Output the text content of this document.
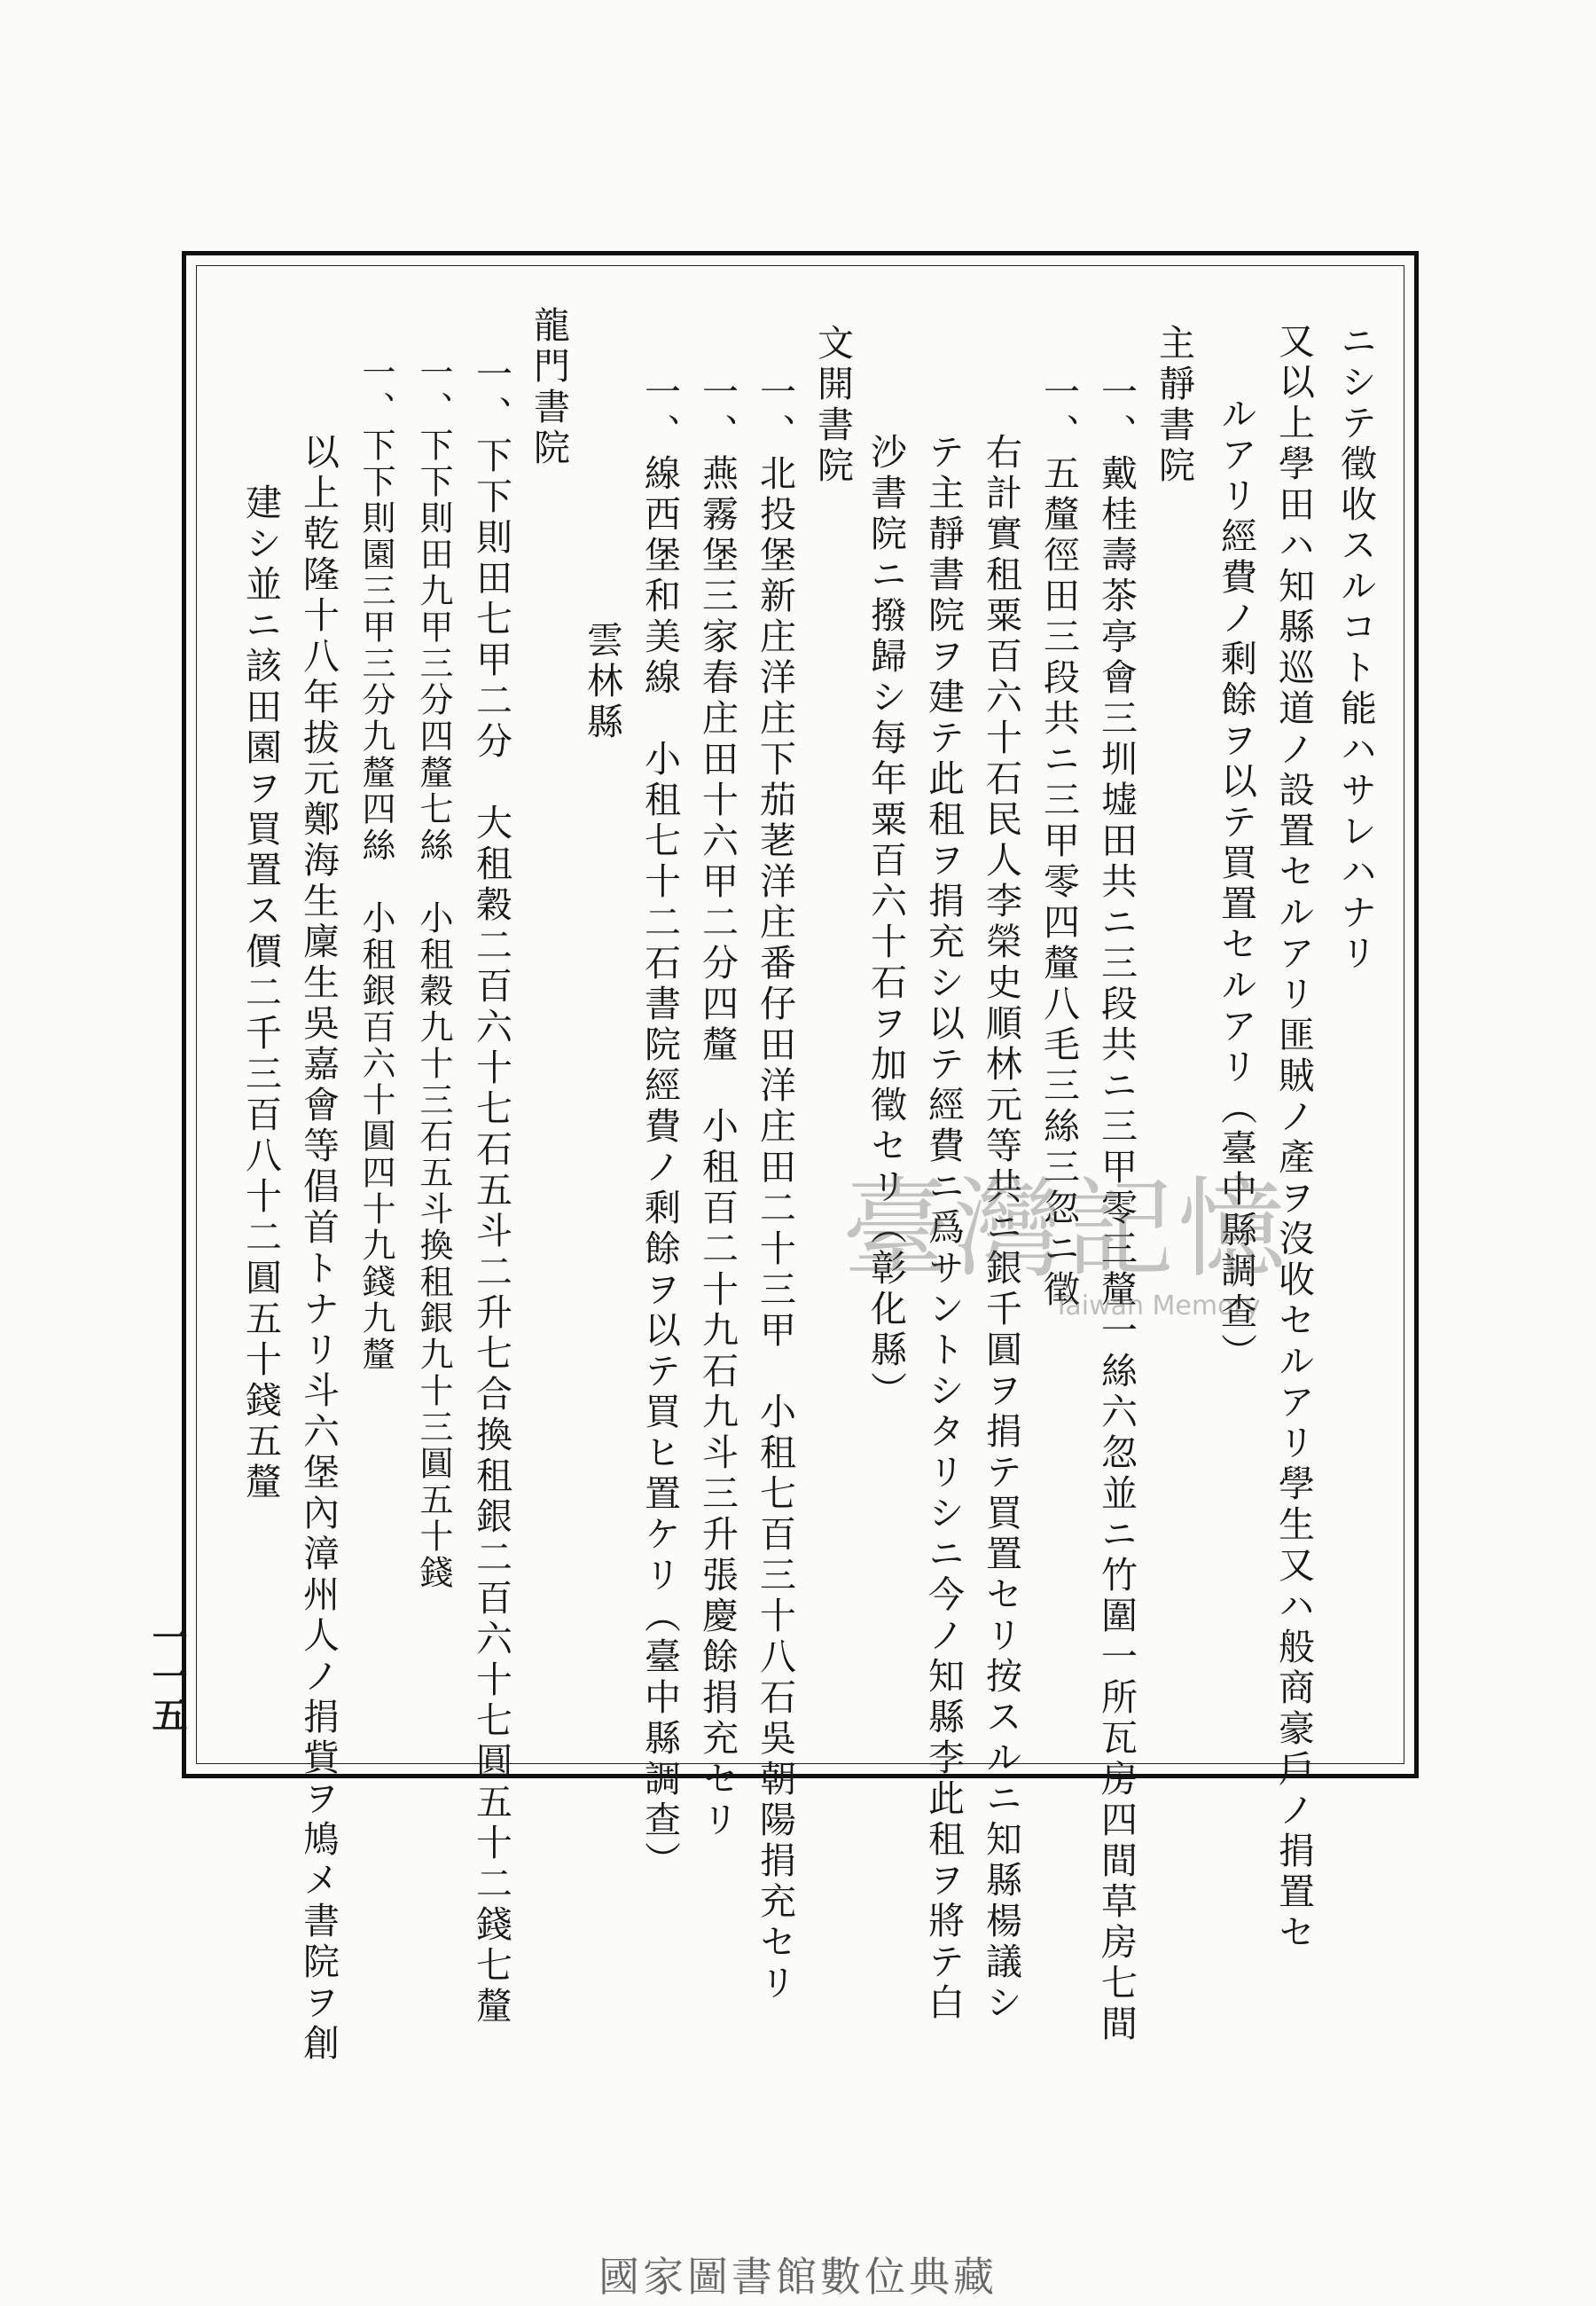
ニシテ徵收スルコト能ハサレハナリ
又以上學田ハ知縣巡道ノ設置セルアリ匪賊ノ產ヲ沒收セルアリ學生又ハ般商豪戶ノ捐置セ
ルアリ經費ノ剩餘ヲ以テ買置セルアリ（臺中縣調查）
主靜書院
一、戴桂壽茶亭會三圳墟田共ニ三段共ニ三甲零三釐一絲六忽並ニ竹圍一所瓦房四間草房七間
一、五釐徑田三段共ニ三甲零四釐八毛三絲三忽ニ徵
右計實租粟百六十石民人李榮史順林元等共ニ銀千圓ヲ捐テ買置セリ按スルニ知縣楊議シ
テ主靜書院ヲ建テ此租ヲ捐充シ以テ經費ニ爲サントシタリシニ今ノ知縣李此租ヲ將テ白
沙書院ニ撥歸シ每年粟百六十石ヲ加徵セリ（彰化縣）
文開書院
一、北投堡新庄洋庄下茄荖洋庄番仔田洋庄田二十三甲　小租七百三十八石吳朝陽捐充セリ
一、燕霧堡三家春庄田十六甲二分四釐　小租百二十九石九斗三升張慶餘捐充セリ
一、線西堡和美線　小租七十二石書院經費ノ剩餘ヲ以テ買ヒ置ケリ（臺中縣調查）
雲林縣
龍門書院
一、下下則田七甲二分　大租穀二百六十七石五斗二升七合換租銀二百六十七圓五十二錢七釐
一、下下則田九甲三分四釐七絲　小租穀九十三石五斗換租銀九十三圓五十錢
一、下下則園三甲三分九釐四絲　小租銀百六十圓四十九錢九釐
以上乾隆十八年拔元鄭海生廩生吳嘉會等倡首トナリ斗六堡內漳州人ノ捐貲ヲ鳩メ書院ヲ創
建シ並ニ該田園ヲ買置ス價二千三百八十二圓五十錢五釐
一一五
臺灣記憶
Taiwan Memory
國家圖書館數位典藏
